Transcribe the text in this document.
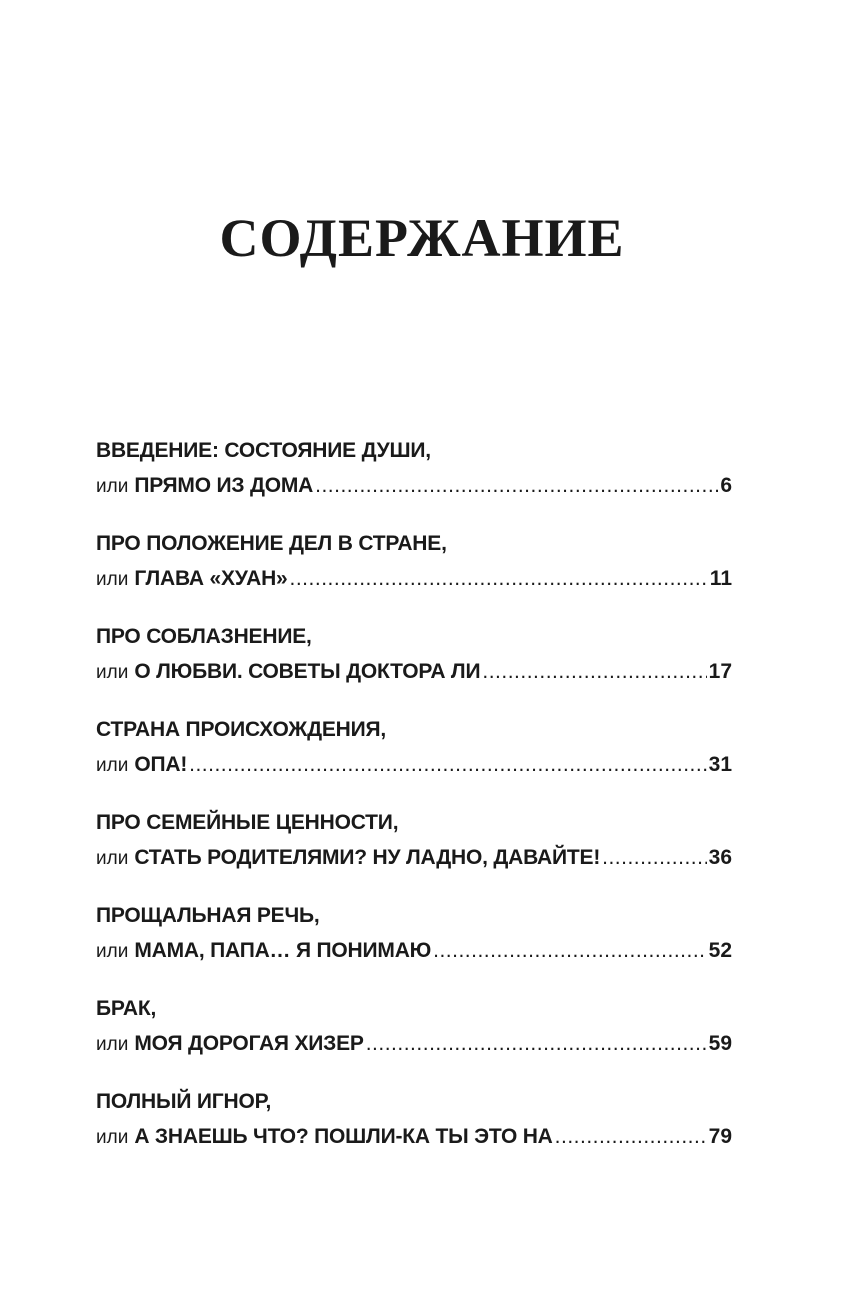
СОДЕРЖАНИЕ
ВВЕДЕНИЕ: СОСТОЯНИЕ ДУШИ,
или ПРЯМО ИЗ ДОМА .....	6
ПРО ПОЛОЖЕНИЕ ДЕЛ В СТРАНЕ,
или ГЛАВА «ХУАН» .....	11
ПРО СОБЛАЗНЕНИЕ,
или О ЛЮБВИ. СОВЕТЫ ДОКТОРА ЛИ .....	17
СТРАНА ПРОИСХОЖДЕНИЯ,
или ОПА! .....	31
ПРО СЕМЕЙНЫЕ ЦЕННОСТИ,
или СТАТЬ РОДИТЕЛЯМИ? НУ ЛАДНО, ДАВАЙТЕ! .....	36
ПРОЩАЛЬНАЯ РЕЧЬ,
или МАМА, ПАПА… Я ПОНИМАЮ .....	52
БРАК,
или МОЯ ДОРОГАЯ ХИЗЕР .....	59
ПОЛНЫЙ ИГНОР,
или А ЗНАЕШЬ ЧТО? ПОШЛИ-КА ТЫ ЭТО НА .....	79
